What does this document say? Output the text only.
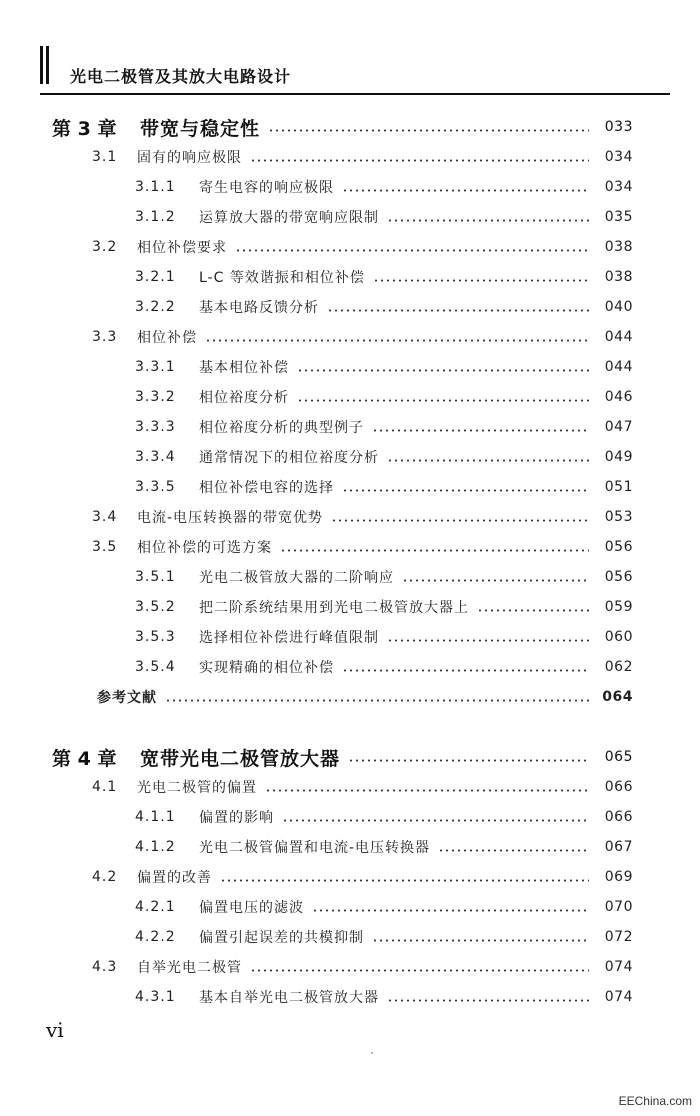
光电二极管及其放大电路设计
第 3 章	带宽与稳定性	033
3.1	固有的响应极限	034
3.1.1	寄生电容的响应极限	034
3.1.2	运算放大器的带宽响应限制	035
3.2	相位补偿要求	038
3.2.1	L-C 等效谐振和相位补偿	038
3.2.2	基本电路反馈分析	040
3.3	相位补偿	044
3.3.1	基本相位补偿	044
3.3.2	相位裕度分析	046
3.3.3	相位裕度分析的典型例子	047
3.3.4	通常情况下的相位裕度分析	049
3.3.5	相位补偿电容的选择	051
3.4	电流-电压转换器的带宽优势	053
3.5	相位补偿的可选方案	056
3.5.1	光电二极管放大器的二阶响应	056
3.5.2	把二阶系统结果用到光电二极管放大器上	059
3.5.3	选择相位补偿进行峰值限制	060
3.5.4	实现精确的相位补偿	062
参考文献	064
第 4 章	宽带光电二极管放大器	065
4.1	光电二极管的偏置	066
4.1.1	偏置的影响	066
4.1.2	光电二极管偏置和电流-电压转换器	067
4.2	偏置的改善	069
4.2.1	偏置电压的滤波	070
4.2.2	偏置引起误差的共模抑制	072
4.3	自举光电二极管	074
4.3.1	基本自举光电二极管放大器	074

vi

EEChina.com
